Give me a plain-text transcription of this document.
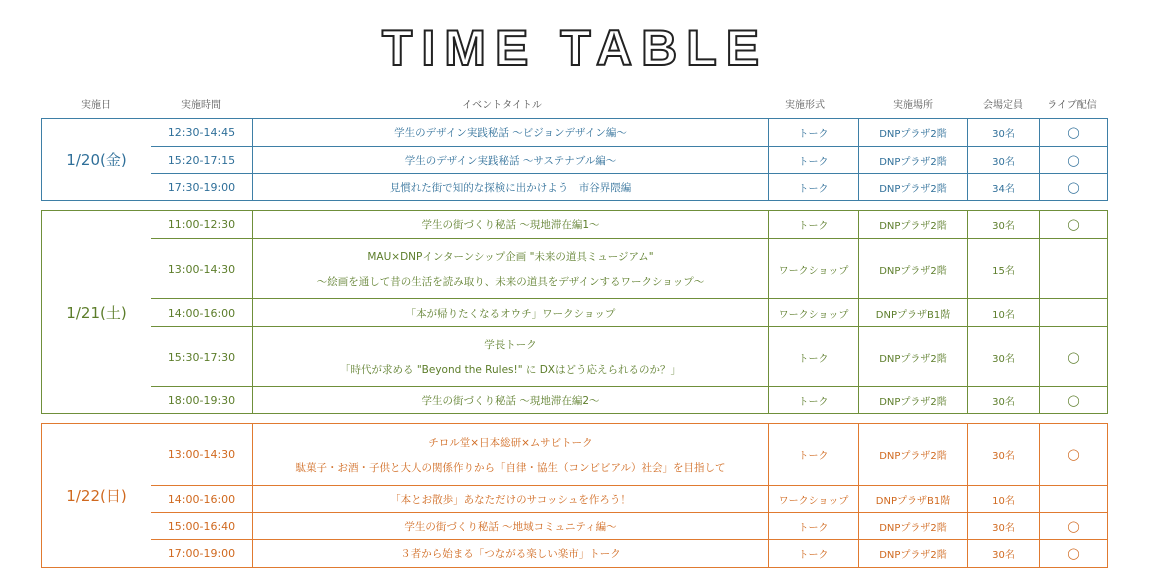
TIME TABLE
実施日	実施時間	イベントタイトル	実施形式	実施場所	会場定員 ライブ配信
1/20(金)
12:30-14:45	学生のデザイン実践秘話 〜ビジョンデザイン編〜	トーク	DNPプラザ2階	30名	◯
15:20-17:15	学生のデザイン実践秘話 〜サステナブル編〜	トーク	DNPプラザ2階	30名	◯
17:30-19:00	見慣れた街で知的な探検に出かけよう　市谷界隈編	トーク	DNPプラザ2階	34名	◯
1/21(土)
11:00-12:30	学生の街づくり秘話 〜現地滞在編1〜	トーク	DNPプラザ2階	30名	◯
13:00-14:30
MAU×DNPインターンシップ企画 "未来の道具ミュージアム"
〜絵画を通して昔の生活を読み取り、未来の道具をデザインするワークショップ〜
ワークショップ	DNPプラザ2階	15名
14:00-16:00	「本が帰りたくなるオウチ」ワークショップ	ワークショップ	DNPプラザB1階	10名
15:30-17:30
学長トーク
「時代が求める "Beyond the Rules!" に DXはどう応えられるのか？」
トーク	DNPプラザ2階	30名	◯
18:00-19:30	学生の街づくり秘話 〜現地滞在編2〜	トーク	DNPプラザ2階	30名	◯
1/22(日)
13:00-14:30
チロル堂×日本総研×ムサビトーク
駄菓子・お酒・子供と大人の関係作りから「自律・協生（コンビビアル）社会」を目指して
トーク	DNPプラザ2階	30名	◯
14:00-16:00	「本とお散歩」あなただけのサコッシュを作ろう！	ワークショップ	DNPプラザB1階	10名
15:00-16:40	学生の街づくり秘話 〜地域コミュニティ編〜	トーク	DNPプラザ2階	30名	◯
17:00-19:00	３者から始まる「つながる楽しい楽市」トーク	トーク	DNPプラザ2階	30名	◯
